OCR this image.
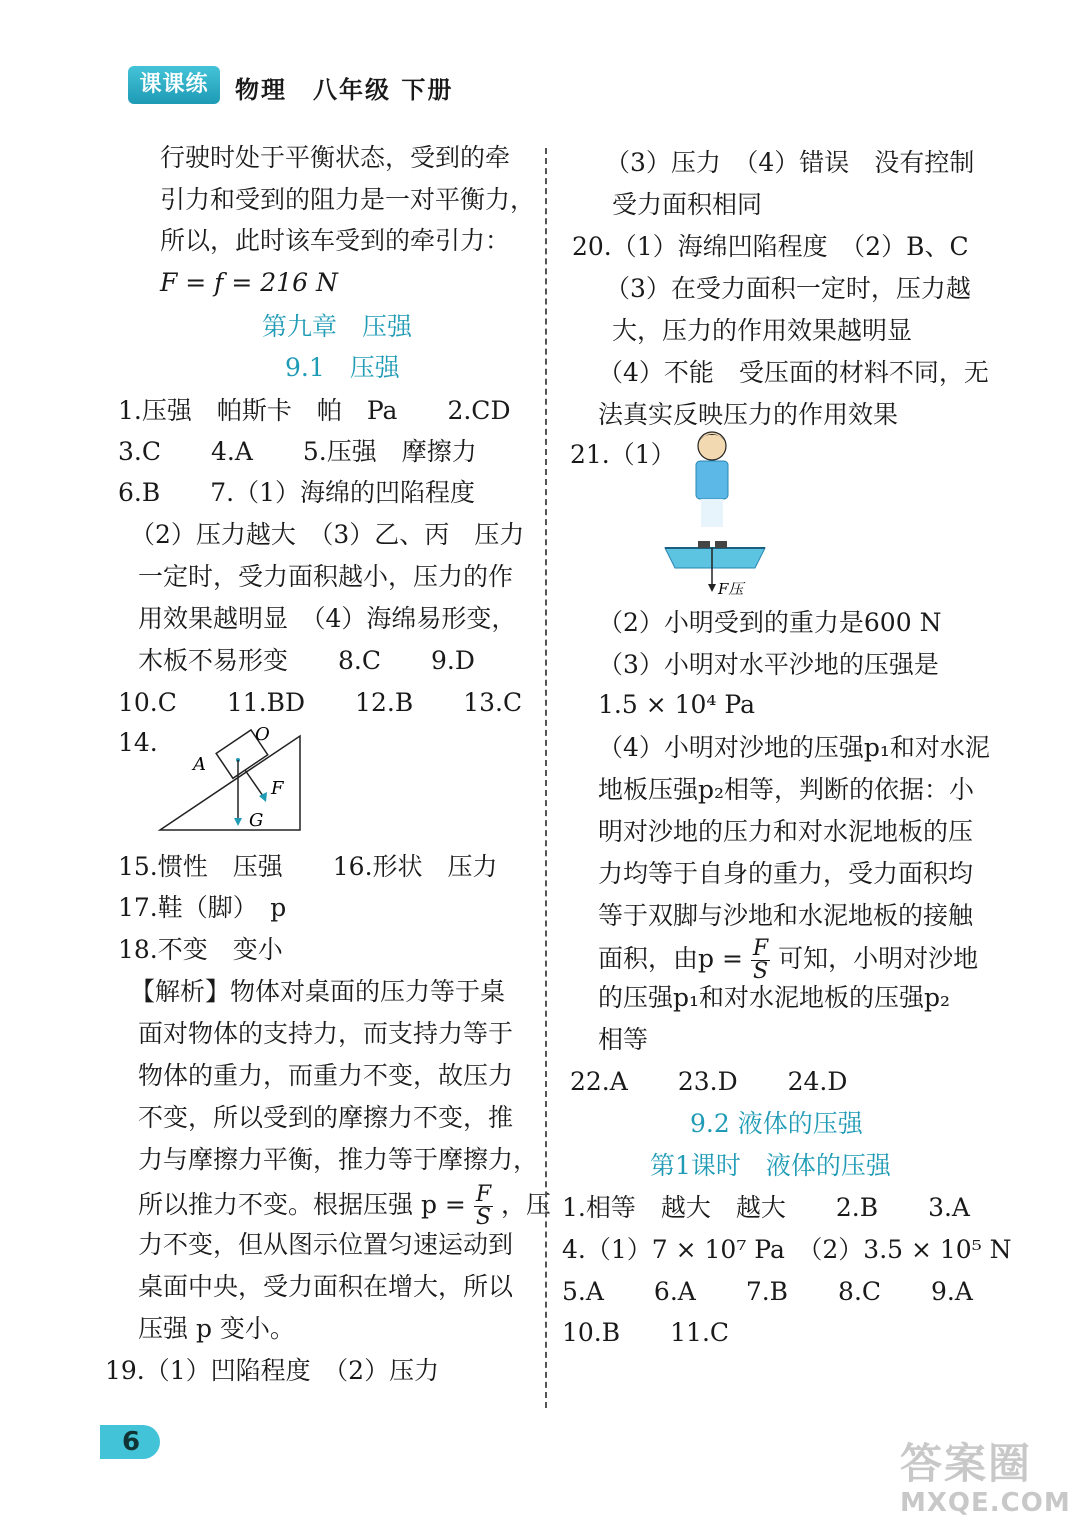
课课练	物理　八年级 下册
行驶时处于平衡状态，受到的牵
引力和受到的阻力是一对平衡力，
所以，此时该车受到的牵引力：
F = f = 216 N
第九章　压强
9.1　压强
1.压强　帕斯卡　帕　Pa　　2.CD
3.C　　4.A　　5.压强　摩擦力
6.B　　7.（1）海绵的凹陷程度
（2）压力越大　（3）乙、丙　压力
一定时，受力面积越小，压力的作
用效果越明显　（4）海绵易形变，
木板不易形变　　8.C　　9.D
10.C　　11.BD　　12.B　　13.C
14.
A
O
F
G
15.惯性　压强　　16.形状　压力
17.鞋（脚）　p
18.不变　变小
【解析】物体对桌面的压力等于桌
面对物体的支持力，而支持力等于
物体的重力，而重力不变，故压力
不变，所以受到的摩擦力不变，推
力与摩擦力平衡，推力等于摩擦力，
所以推力不变。根据压强 $p = \frac{F}{S}$ ，压
力不变，但从图示位置匀速运动到
桌面中央，受力面积在增大，所以
压强 p 变小。
19.（1）凹陷程度　（2）压力
（3）压力　（4）错误　没有控制
受力面积相同
20.（1）海绵凹陷程度　（2）B、C
（3）在受力面积一定时，压力越
大，压力的作用效果越明显
（4）不能　受压面的材料不同，无
法真实反映压力的作用效果
21.（1）
F压
（2）小明受到的重力是600 N
（3）小明对水平沙地的压强是
1.5 × 10⁴ Pa
（4）小明对沙地的压强p₁和对水泥
地板压强p₂相等，判断的依据：小
明对沙地的压力和对水泥地板的压
力均等于自身的重力，受力面积均
等于双脚与沙地和水泥地板的接触
面积，由$p = \frac{F}{S}$ 可知，小明对沙地
的压强p₁和对水泥地板的压强p₂
相等
22.A　　23.D　　24.D
9.2 液体的压强
第1课时　液体的压强
1.相等　越大　越大　　2.B　　3.A
4.（1）7 × 10⁷ Pa　（2）3.5 × 10⁵ N
5.A　　6.A　　7.B　　8.C　　9.A
10.B　　11.C
6	答案圈
MXQE.COM
